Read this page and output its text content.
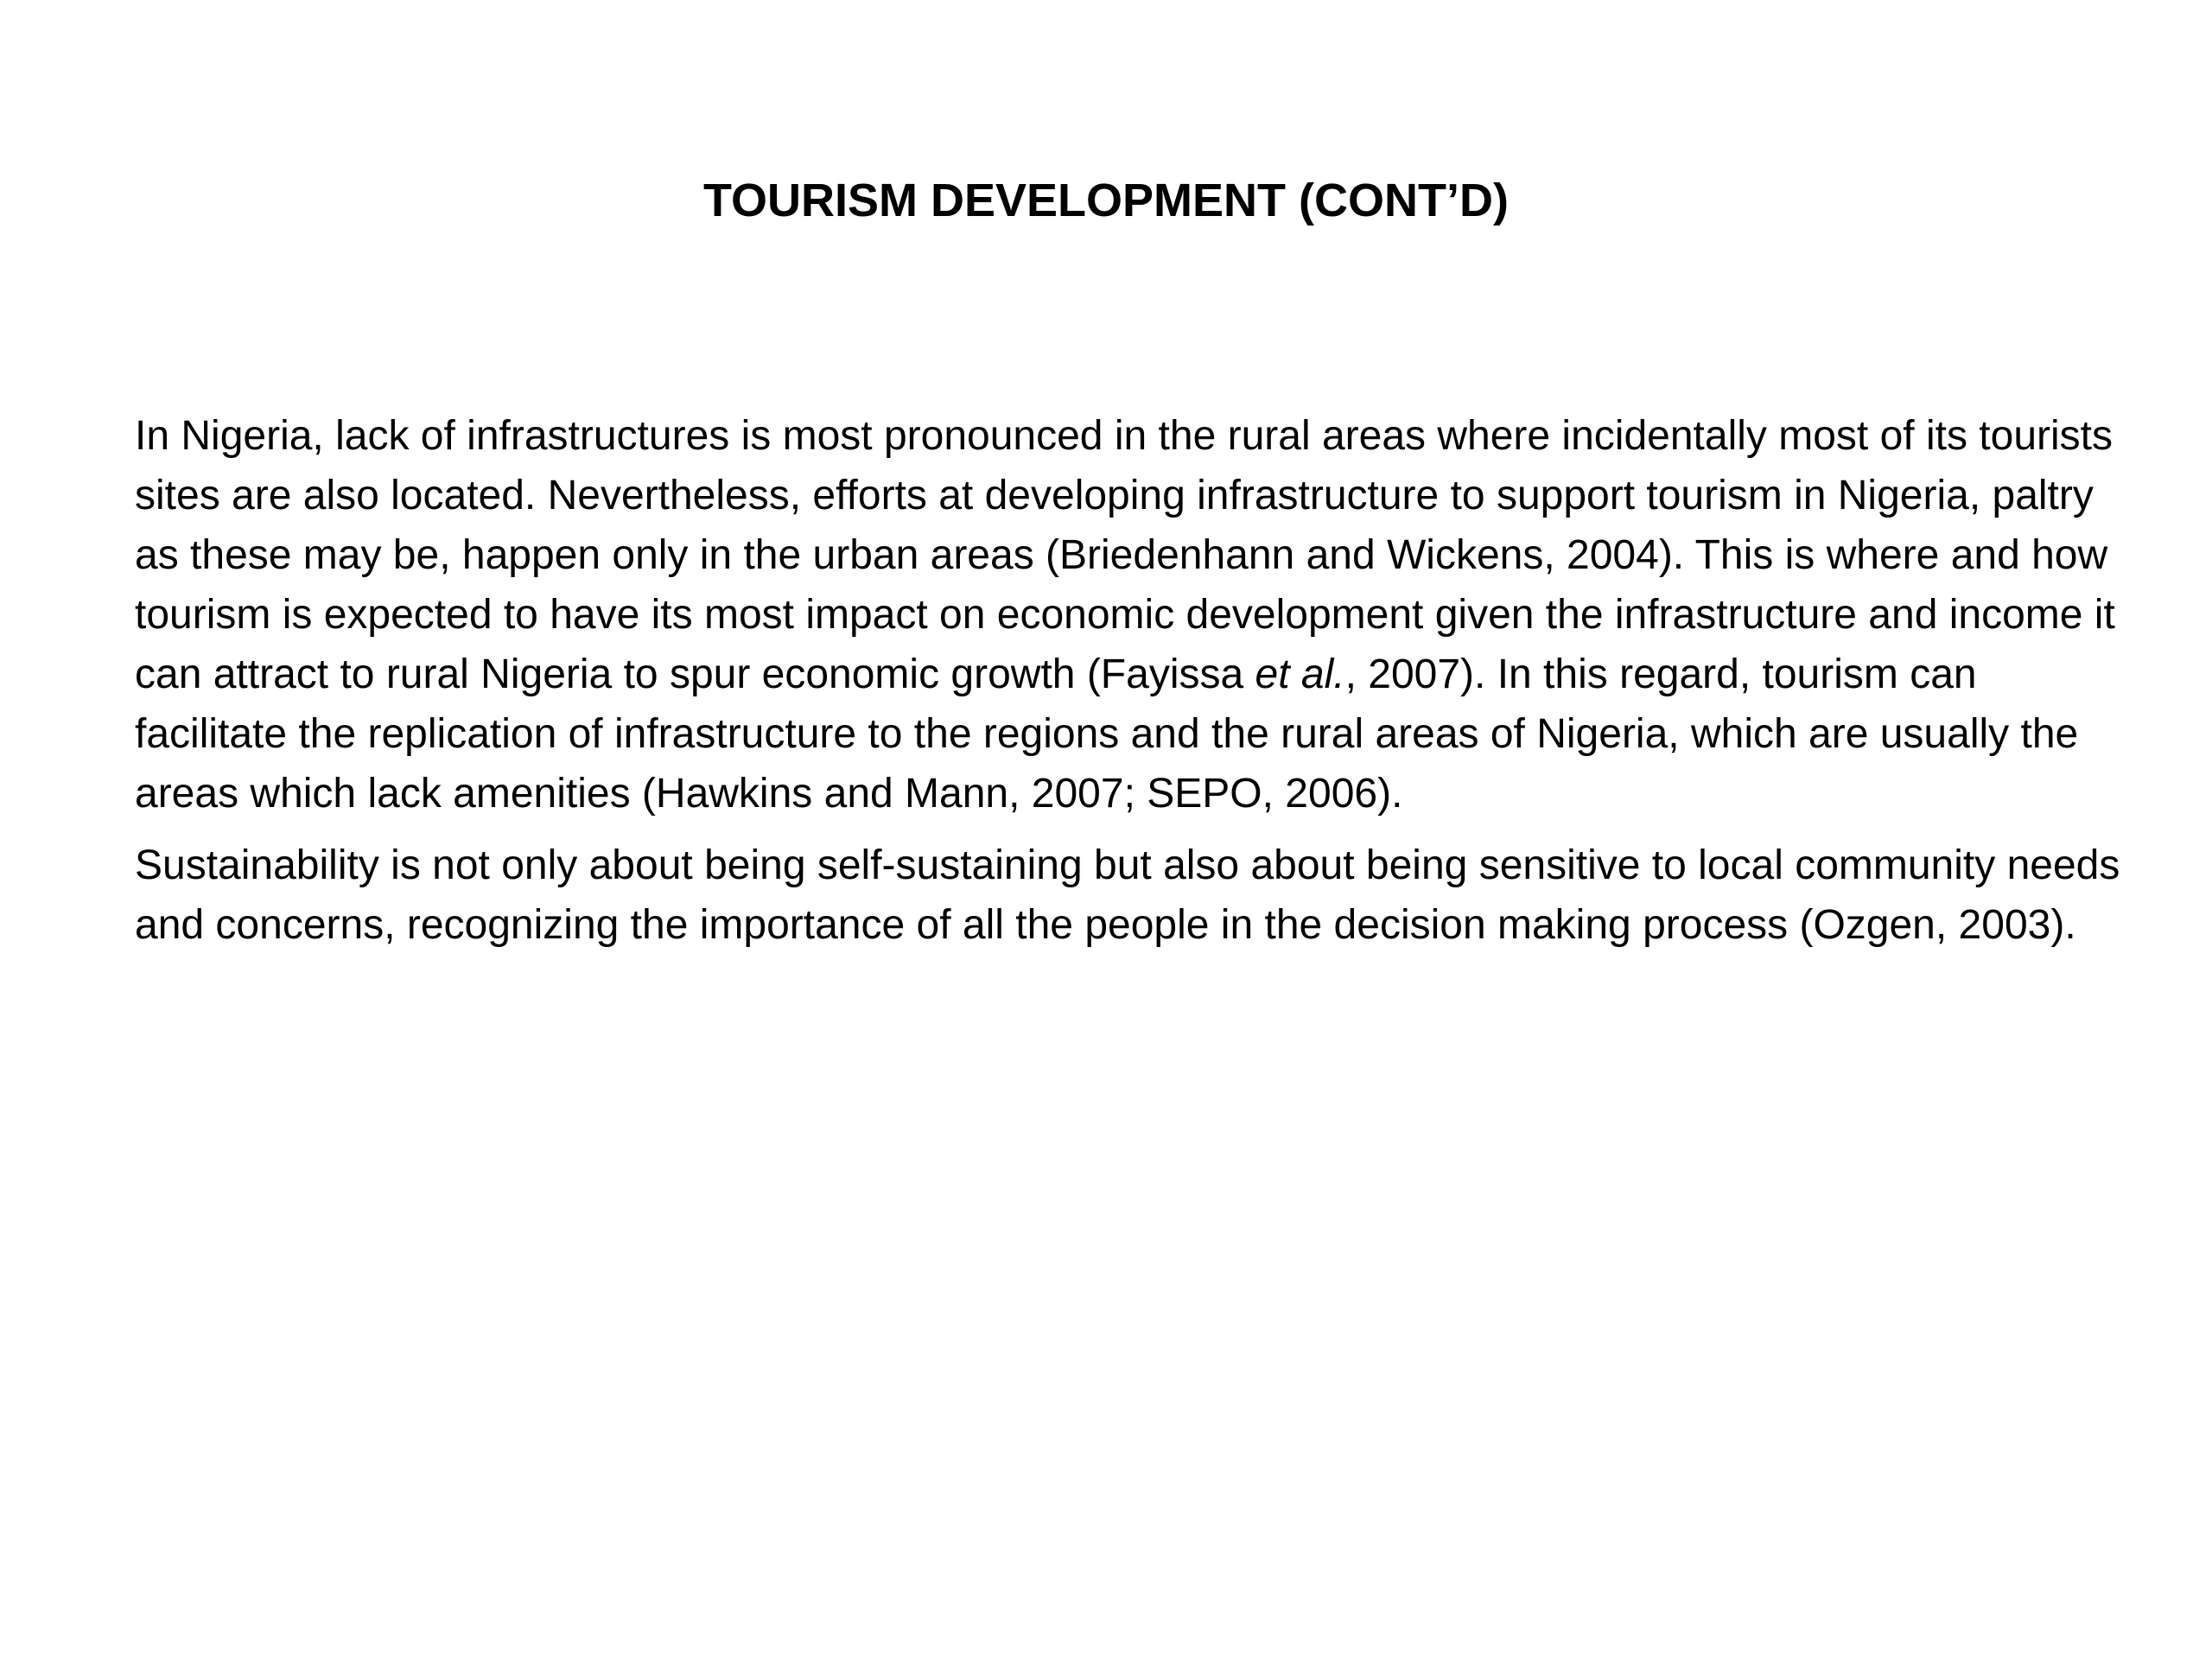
TOURISM DEVELOPMENT (CONT’D)

In Nigeria, lack of infrastructures is most pronounced in the rural areas where incidentally most of its tourists sites are also located. Nevertheless, efforts at developing infrastructure to support tourism in Nigeria, paltry as these may be, happen only in the urban areas (Briedenhann and Wickens, 2004). This is where and how tourism is expected to have its most impact on economic development given the infrastructure and income it can attract to rural Nigeria to spur economic growth (Fayissa et al., 2007). In this regard, tourism can facilitate the replication of infrastructure to the regions and the rural areas of Nigeria, which are usually the areas which lack amenities (Hawkins and Mann, 2007; SEPO, 2006).

Sustainability is not only about being self-sustaining but also about being sensitive to local community needs and concerns, recognizing the importance of all the people in the decision making process (Ozgen, 2003).
